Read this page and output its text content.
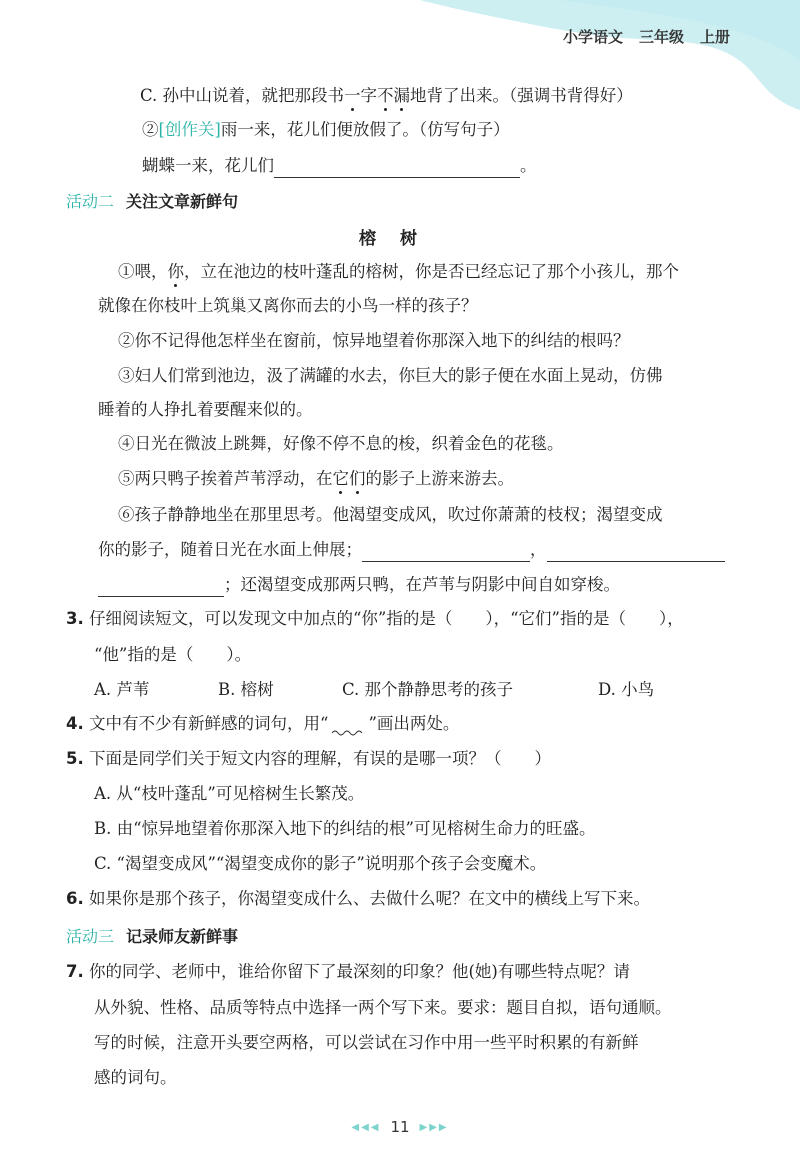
小学语文 三年级 上册
C. 孙中山说着，就把那段书一字不漏地背了出来。（强调书背得好）
②[创作关]雨一来，花儿们便放假了。（仿写句子）
蝴蝶一来，花儿们	。
活动二 关注文章新鲜句
榕树
①喂，你，立在池边的枝叶蓬乱的榕树，你是否已经忘记了那个小孩儿，那个
就像在你枝叶上筑巢又离你而去的小鸟一样的孩子？
②你不记得他怎样坐在窗前，惊异地望着你那深入地下的纠结的根吗？
③妇人们常到池边，汲了满罐的水去，你巨大的影子便在水面上晃动，仿佛
睡着的人挣扎着要醒来似的。
④日光在微波上跳舞，好像不停不息的梭，织着金色的花毯。
⑤两只鸭子挨着芦苇浮动，在它们的影子上游来游去。
⑥孩子静静地坐在那里思考。他渴望变成风，吹过你萧萧的枝杈；渴望变成
你的影子，随着日光在水面上伸展；	，
；还渴望变成那两只鸭，在芦苇与阴影中间自如穿梭。
3. 仔细阅读短文，可以发现文中加点的“你”指的是（　　），“它们”指的是（　　），
“他”指的是（　　）。
A. 芦苇	B. 榕树	C. 那个静静思考的孩子	D. 小鸟
4. 文中有不少有新鲜感的词句，用“ ”画出两处。
5. 下面是同学们关于短文内容的理解，有误的是哪一项？（　　）
A. 从“枝叶蓬乱”可见榕树生长繁茂。
B. 由“惊异地望着你那深入地下的纠结的根”可见榕树生命力的旺盛。
C. “渴望变成风”“渴望变成你的影子”说明那个孩子会变魔术。
6. 如果你是那个孩子，你渴望变成什么、去做什么呢？在文中的横线上写下来。
活动三 记录师友新鲜事
7. 你的同学、老师中，谁给你留下了最深刻的印象？他(她)有哪些特点呢？请
从外貌、性格、品质等特点中选择一两个写下来。要求：题目自拟，语句通顺。
写的时候，注意开头要空两格，可以尝试在习作中用一些平时积累的有新鲜
感的词句。
◀◀◀ 11 ▶▶▶
